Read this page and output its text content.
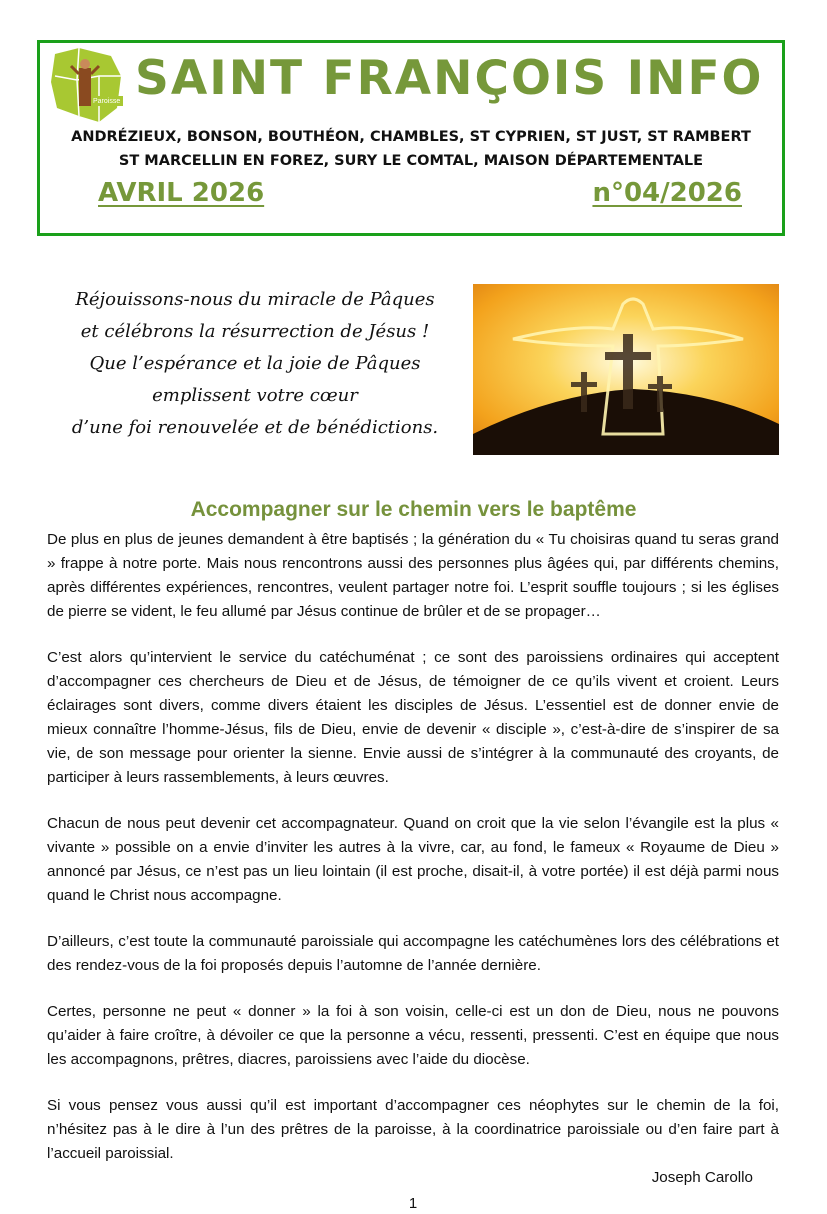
Paroisse SAINT FRANÇOIS INFO
ANDRÉZIEUX, BONSON, BOUTHÉON, CHAMBLES, ST CYPRIEN, ST JUST, ST RAMBERT
ST MARCELLIN EN FOREZ, SURY LE COMTAL, MAISON DÉPARTEMENTALE
AVRIL 2026	n°04/2026
Réjouissons-nous du miracle de Pâques
et célébrons la résurrection de Jésus !
Que l’espérance et la joie de Pâques
emplissent votre cœur
d’une foi renouvelée et de bénédictions.
Accompagner sur le chemin vers le baptême

De plus en plus de jeunes demandent à être baptisés ; la génération du « Tu choisiras quand tu seras grand » frappe à notre porte. Mais nous rencontrons aussi des personnes plus âgées qui, par différents chemins, après différentes expériences, rencontres, veulent partager notre foi. L’esprit souffle toujours ; si les églises de pierre se vident, le feu allumé par Jésus continue de brûler et de se propager…

C’est alors qu’intervient le service du catéchuménat ; ce sont des paroissiens ordinaires qui acceptent d’accompagner ces chercheurs de Dieu et de Jésus, de témoigner de ce qu’ils vivent et croient. Leurs éclairages sont divers, comme divers étaient les disciples de Jésus. L’essentiel est de donner envie de mieux connaître l’homme-Jésus, fils de Dieu, envie de devenir « disciple », c’est-à-dire de s’inspirer de sa vie, de son message pour orienter la sienne. Envie aussi de s’intégrer à la communauté des croyants, de participer à leurs rassemblements, à leurs œuvres.

Chacun de nous peut devenir cet accompagnateur. Quand on croit que la vie selon l’évangile est la plus « vivante » possible on a envie d’inviter les autres à la vivre, car, au fond, le fameux « Royaume de Dieu » annoncé par Jésus, ce n’est pas un lieu lointain (il est proche, disait-il, à votre portée) il est déjà parmi nous quand le Christ nous accompagne.

D’ailleurs, c’est toute la communauté paroissiale qui accompagne les catéchumènes lors des célébrations et des rendez-vous de la foi proposés depuis l’automne de l’année dernière.

Certes, personne ne peut « donner » la foi à son voisin, celle-ci est un don de Dieu, nous ne pouvons qu’aider à faire croître, à dévoiler ce que la personne a vécu, ressenti, pressenti. C’est en équipe que nous les accompagnons, prêtres, diacres, paroissiens avec l’aide du diocèse.

Si vous pensez vous aussi qu’il est important d’accompagner ces néophytes sur le chemin de la foi, n’hésitez pas à le dire à l’un des prêtres de la paroisse, à la coordinatrice paroissiale ou d’en faire part à l’accueil paroissial.

Joseph Carollo
1
